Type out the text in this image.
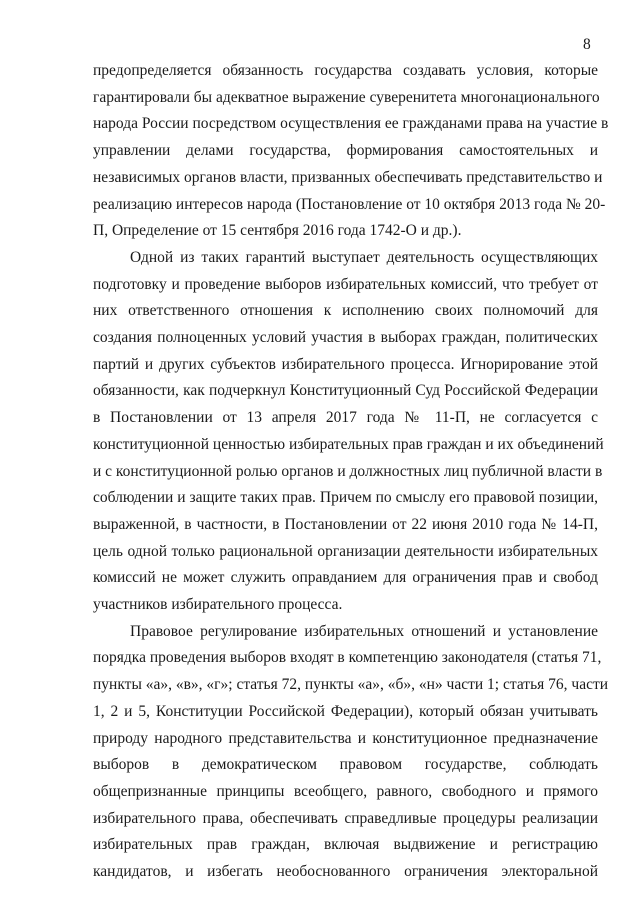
8

предопределяется обязанность государства создавать условия, которые
гарантировали бы адекватное выражение суверенитета многонационального
народа России посредством осуществления ее гражданами права на участие в
управлении делами государства, формирования самостоятельных и
независимых органов власти, призванных обеспечивать представительство и
реализацию интересов народа (Постановление от 10 октября 2013 года № 20-
П, Определение от 15 сентября 2016 года 1742-О и др.).

Одной из таких гарантий выступает деятельность осуществляющих
подготовку и проведение выборов избирательных комиссий, что требует от
них ответственного отношения к исполнению своих полномочий для
создания полноценных условий участия в выборах граждан, политических
партий и других субъектов избирательного процесса. Игнорирование этой
обязанности, как подчеркнул Конституционный Суд Российской Федерации
в Постановлении от 13 апреля 2017 года № 11-П, не согласуется с
конституционной ценностью избирательных прав граждан и их объединений
и с конституционной ролью органов и должностных лиц публичной власти в
соблюдении и защите таких прав. Причем по смыслу его правовой позиции,
выраженной, в частности, в Постановлении от 22 июня 2010 года № 14-П,
цель одной только рациональной организации деятельности избирательных
комиссий не может служить оправданием для ограничения прав и свобод
участников избирательного процесса.

Правовое регулирование избирательных отношений и установление
порядка проведения выборов входят в компетенцию законодателя (статья 71,
пункты «а», «в», «г»; статья 72, пункты «а», «б», «н» части 1; статья 76, части
1, 2 и 5, Конституции Российской Федерации), который обязан учитывать
природу народного представительства и конституционное предназначение
выборов в демократическом правовом государстве, соблюдать
общепризнанные принципы всеобщего, равного, свободного и прямого
избирательного права, обеспечивать справедливые процедуры реализации
избирательных прав граждан, включая выдвижение и регистрацию
кандидатов, и избегать необоснованного ограничения электоральной
